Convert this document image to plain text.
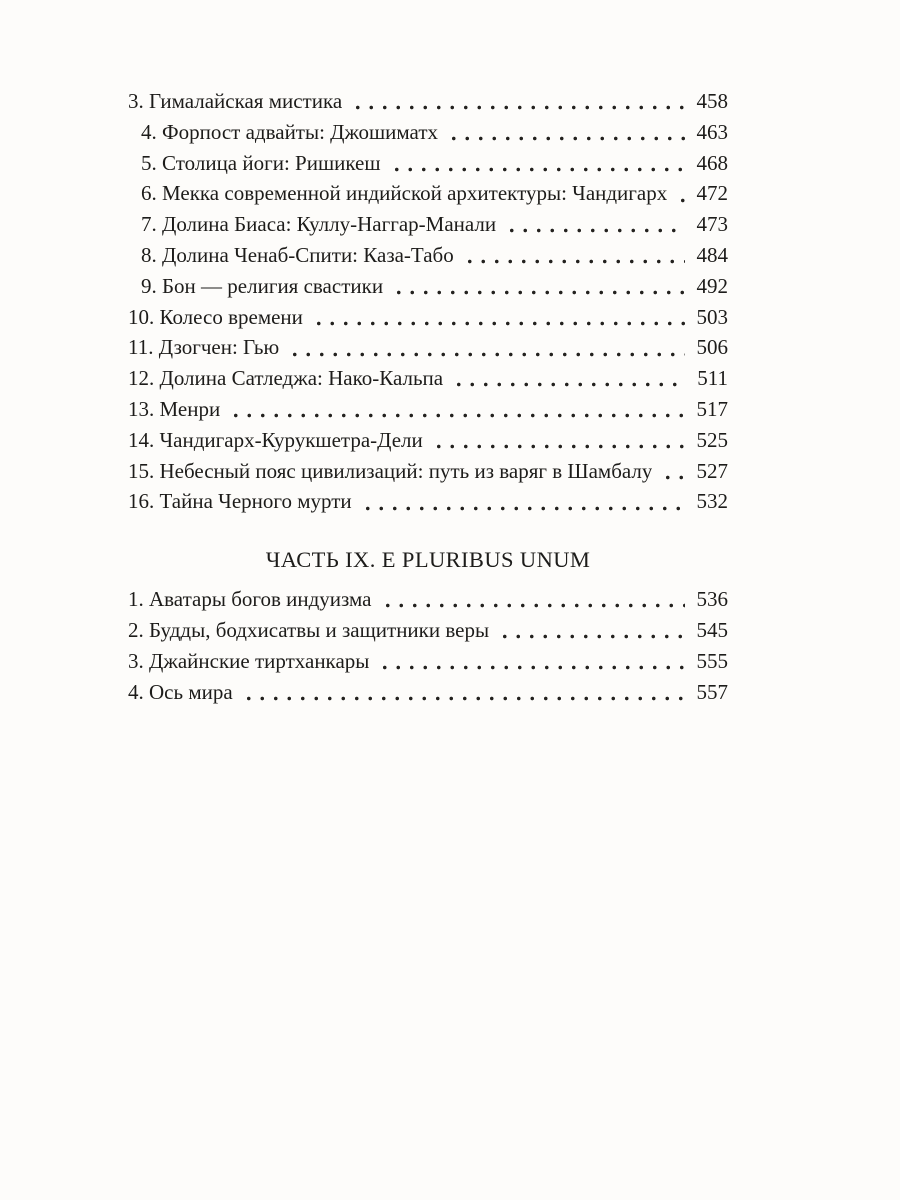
3. Гималайская мистика	458
4. Форпост адвайты: Джошиматх	463
5. Столица йоги: Ришикеш	468
6. Мекка современной индийской архитектуры: Чандигарх 472
7. Долина Биаса: Куллу-Наггар-Манали	473
8. Долина Ченаб-Спити: Каза-Табо	484
9. Бон — религия свастики	492
10. Колесо времени	503
11. Дзогчен: Гью	506
12. Долина Сатледжа: Нако-Кальпа	511
13. Менри	517
14. Чандигарх-Курукшетра-Дели	525
15. Небесный пояс цивилизаций: путь из варяг в Шамбалу 527
16. Тайна Черного мурти	532
ЧАСТЬ IX. E PLURIBUS UNUM
1. Аватары богов индуизма	536
2. Будды, бодхисатвы и защитники веры	545
3. Джайнские тиртханкары	555
4. Ось мира	557
